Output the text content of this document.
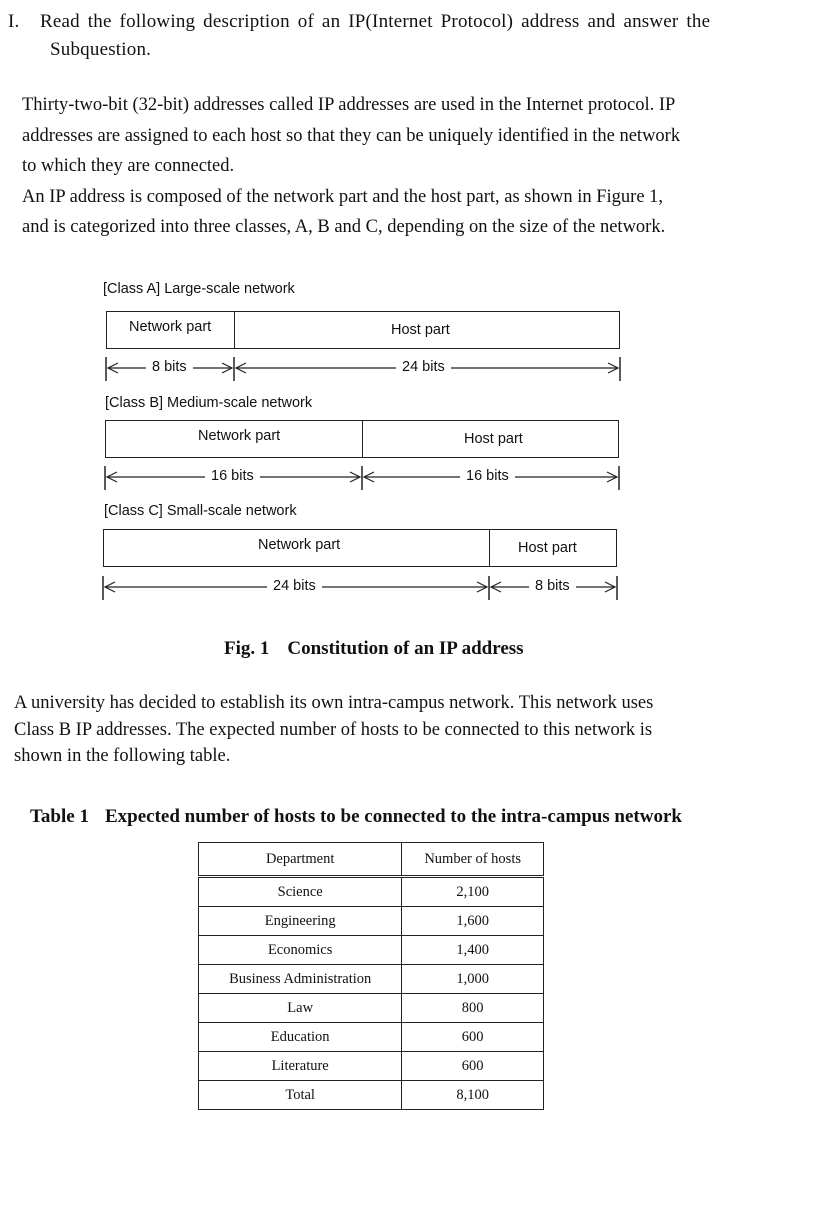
I. Read the following description of an IP(Internet Protocol) address and answer the
Subquestion.
Thirty-two-bit (32-bit) addresses called IP addresses are used in the Internet protocol. IP
addresses are assigned to each host so that they can be uniquely identified in the network
to which they are connected.
An IP address is composed of the network part and the host part, as shown in Figure 1,
and is categorized into three classes, A, B and C, depending on the size of the network.
[Class A] Large-scale network
Network part	Host part
8 bits	24 bits
[Class B] Medium-scale network
Network part	Host part
16 bits	16 bits
[Class C] Small-scale network
Network part	Host part
24 bits	8 bits
Fig. 1 Constitution of an IP address
A university has decided to establish its own intra-campus network. This network uses
Class B IP addresses. The expected number of hosts to be connected to this network is
shown in the following table.
Table 1 Expected number of hosts to be connected to the intra-campus network
Department	Number of hosts
Science	2,100
Engineering	1,600
Economics	1,400
Business Administration	1,000
Law	800
Education	600
Literature	600
Total	8,100
